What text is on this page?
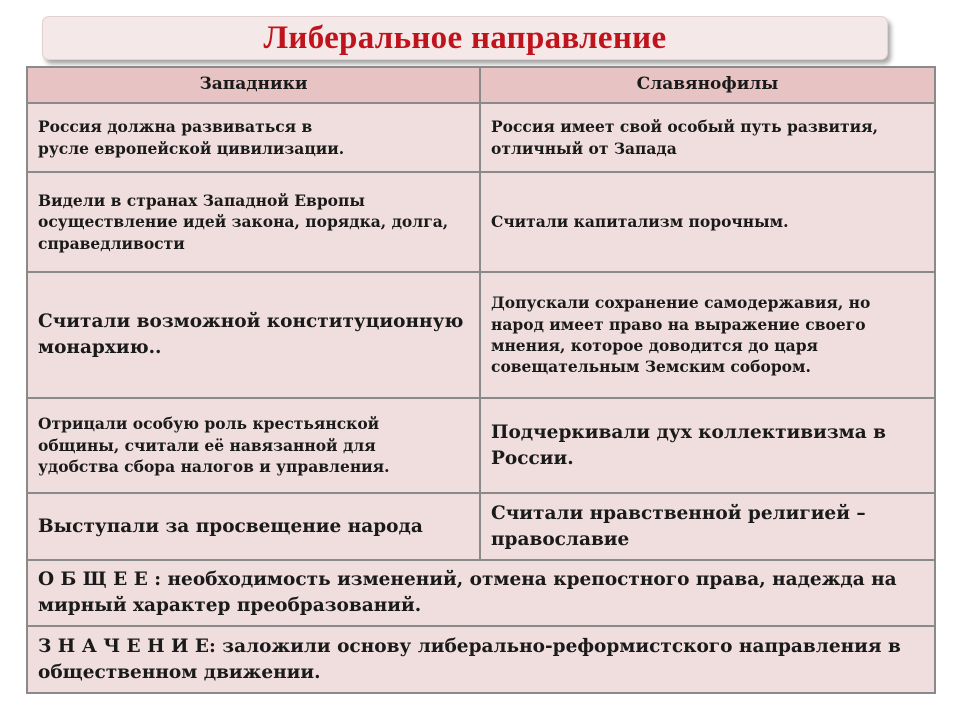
Либеральное направление
Западники	Славянофилы

Россия должна развиваться в
русле европейской цивилизации.	Россия имеет свой особый путь развития,
отличный от Запада

Видели в странах Западной Европы
осуществление идей закона, порядка, долга,
справедливости	Считали капитализм порочным.

Считали возможной конституционную
монархию..	Допускали сохранение самодержавия, но
народ имеет право на выражение своего
мнения, которое доводится до царя
совещательным Земским собором.

Отрицали особую роль крестьянской
общины, считали её навязанной для
удобства сбора налогов и управления.	Подчеркивали дух коллективизма в
России.

Выступали за просвещение народа	Считали нравственной религией –
православие

О Б Щ Е Е : необходимость изменений, отмена крепостного права, надежда на
мирный характер преобразований.	
З Н А Ч Е Н И Е: заложили основу либерально-реформистского направления в
общественном движении.	
